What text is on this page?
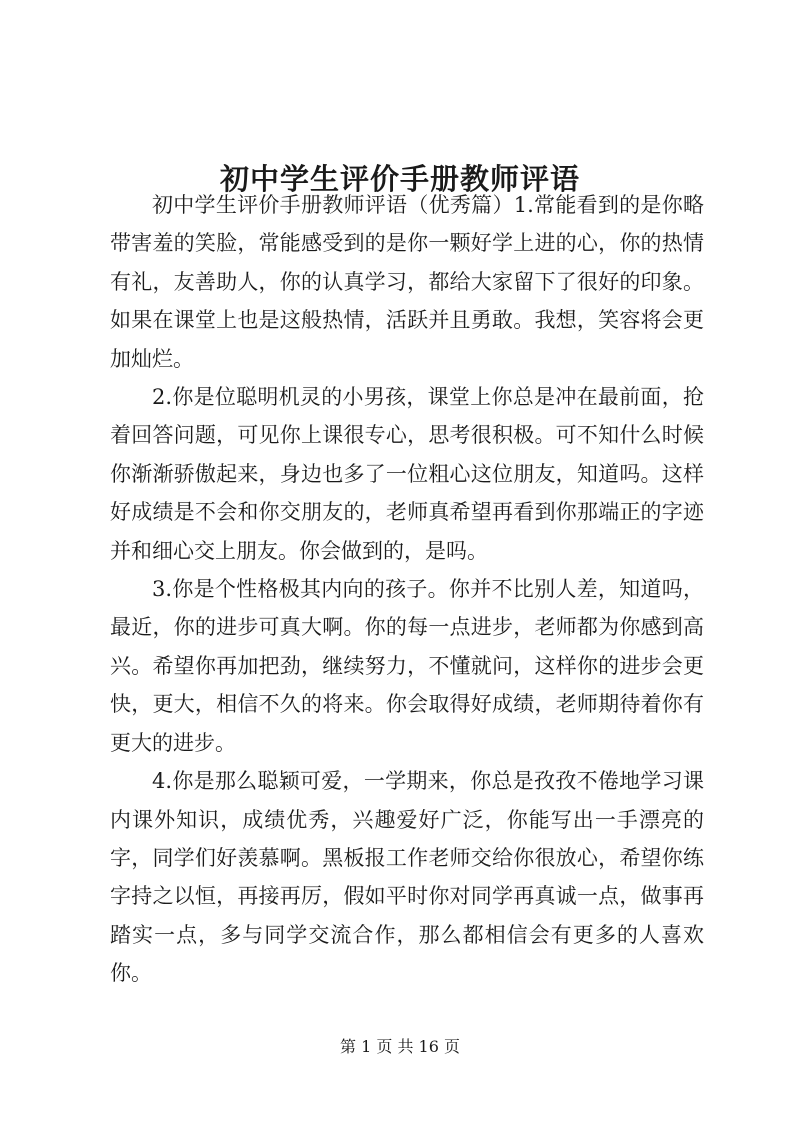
初中学生评价手册教师评语

初中学生评价手册教师评语（优秀篇）1.常能看到的是你略带害羞的笑脸，常能感受到的是你一颗好学上进的心，你的热情有礼，友善助人，你的认真学习，都给大家留下了很好的印象。如果在课堂上也是这般热情，活跃并且勇敢。我想，笑容将会更加灿烂。

2.你是位聪明机灵的小男孩，课堂上你总是冲在最前面，抢着回答问题，可见你上课很专心，思考很积极。可不知什么时候你渐渐骄傲起来，身边也多了一位粗心这位朋友，知道吗。这样好成绩是不会和你交朋友的，老师真希望再看到你那端正的字迹并和细心交上朋友。你会做到的，是吗。

3.你是个性格极其内向的孩子。你并不比别人差，知道吗，最近，你的进步可真大啊。你的每一点进步，老师都为你感到高兴。希望你再加把劲，继续努力，不懂就问，这样你的进步会更快，更大，相信不久的将来。你会取得好成绩，老师期待着你有更大的进步。

4.你是那么聪颖可爱，一学期来，你总是孜孜不倦地学习课内课外知识，成绩优秀，兴趣爱好广泛，你能写出一手漂亮的字，同学们好羡慕啊。黑板报工作老师交给你很放心，希望你练字持之以恒，再接再厉，假如平时你对同学再真诚一点，做事再踏实一点，多与同学交流合作，那么都相信会有更多的人喜欢你。

第 1 页 共 16 页
